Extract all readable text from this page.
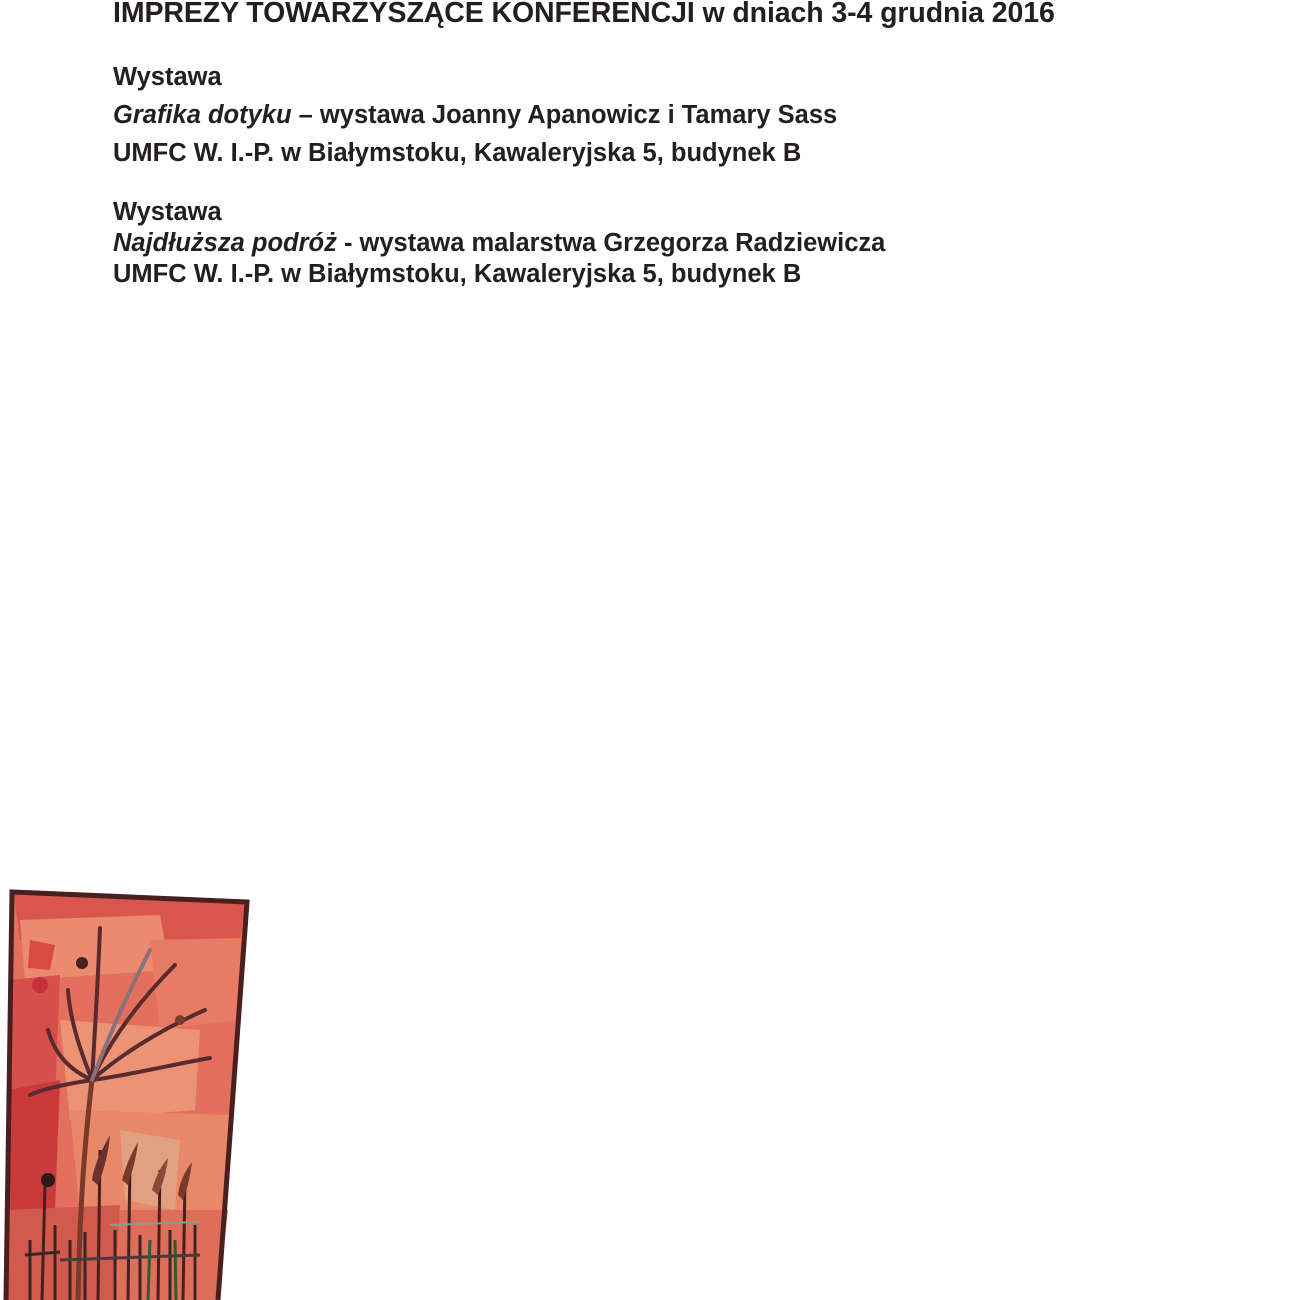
IMPREZY TOWARZYSZĄCE KONFERENCJI w dniach 3-4 grudnia 2016
Wystawa
Grafika dotyku – wystawa Joanny Apanowicz i Tamary Sass
UMFC W. I.-P. w Białymstoku, Kawaleryjska 5, budynek B
Wystawa
Najdłuższa podróż - wystawa malarstwa Grzegorza Radziewicza
UMFC W. I.-P. w Białymstoku, Kawaleryjska 5, budynek B
